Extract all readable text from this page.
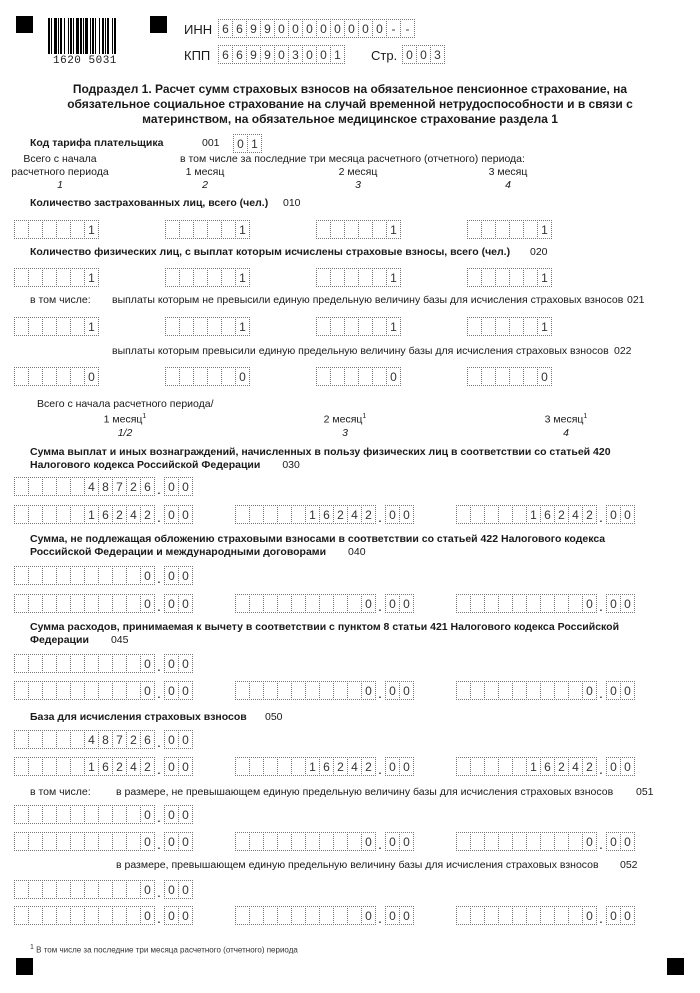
1620 5031
ИНН 6 6 9 9 0 0 0 0 0 0 0 0 - -
КПП 6 6 9 9 0 3 0 0 1	Стр. 0 0 3
Подраздел 1. Расчет сумм страховых взносов на обязательное пенсионное страхование, на
обязательное социальное страхование на случай временной нетрудоспособности и в связи с
материнством, на обязательное медицинское страхование раздела 1
Код тарифа плательщика	001	0 1
Всего с начала расчетного периода
1
в том числе за последние три месяца расчетного (отчетного) периода:
1 месяц
2
2 месяц
3
3 месяц
4
Количество застрахованных лиц, всего (чел.) 010
1	1	1	1
Количество физических лиц, с выплат которым исчислены страховые взносы, всего (чел.) 020
1	1	1	1
в том числе: выплаты которым не превысили единую предельную величину базы для исчисления страховых взносов 021
1	1	1	1
выплаты которым превысили единую предельную величину базы для исчисления страховых взносов 022
0	0	0	0
Всего с начала расчетного периода/
1 месяц$^1$
1/2
2 месяц$^1$
3
3 месяц$^1$
4
Сумма выплат и иных вознаграждений, начисленных в пользу физических лиц в соответствии со статьей 420
Налогового кодекса Российской Федерации 030
4 8 7 2 6 . 0 0
1 6 2 4 2 . 0 0	1 6 2 4 2 . 0 0	1 6 2 4 2 . 0 0
Сумма, не подлежащая обложению страховыми взносами в соответствии со статьей 422 Налогового кодекса
Российской Федерации и международными договорами 040
0 . 0 0
0 . 0 0	0 . 0 0	0 . 0 0
Сумма расходов, принимаемая к вычету в соответствии с пунктом 8 статьи 421 Налогового кодекса Российской
Федерации 045
0 . 0 0
0 . 0 0	0 . 0 0	0 . 0 0
База для исчисления страховых взносов 050
4 8 7 2 6 . 0 0
1 6 2 4 2 . 0 0	1 6 2 4 2 . 0 0	1 6 2 4 2 . 0 0
в том числе: в размере, не превышающем единую предельную величину базы для исчисления страховых взносов 051
0 . 0 0
0 . 0 0	0 . 0 0	0 . 0 0
в размере, превышающем единую предельную величину базы для исчисления страховых взносов 052
0 . 0 0
0 . 0 0	0 . 0 0	0 . 0 0
$^1$ В том числе за последние три месяца расчетного (отчетного) периода
